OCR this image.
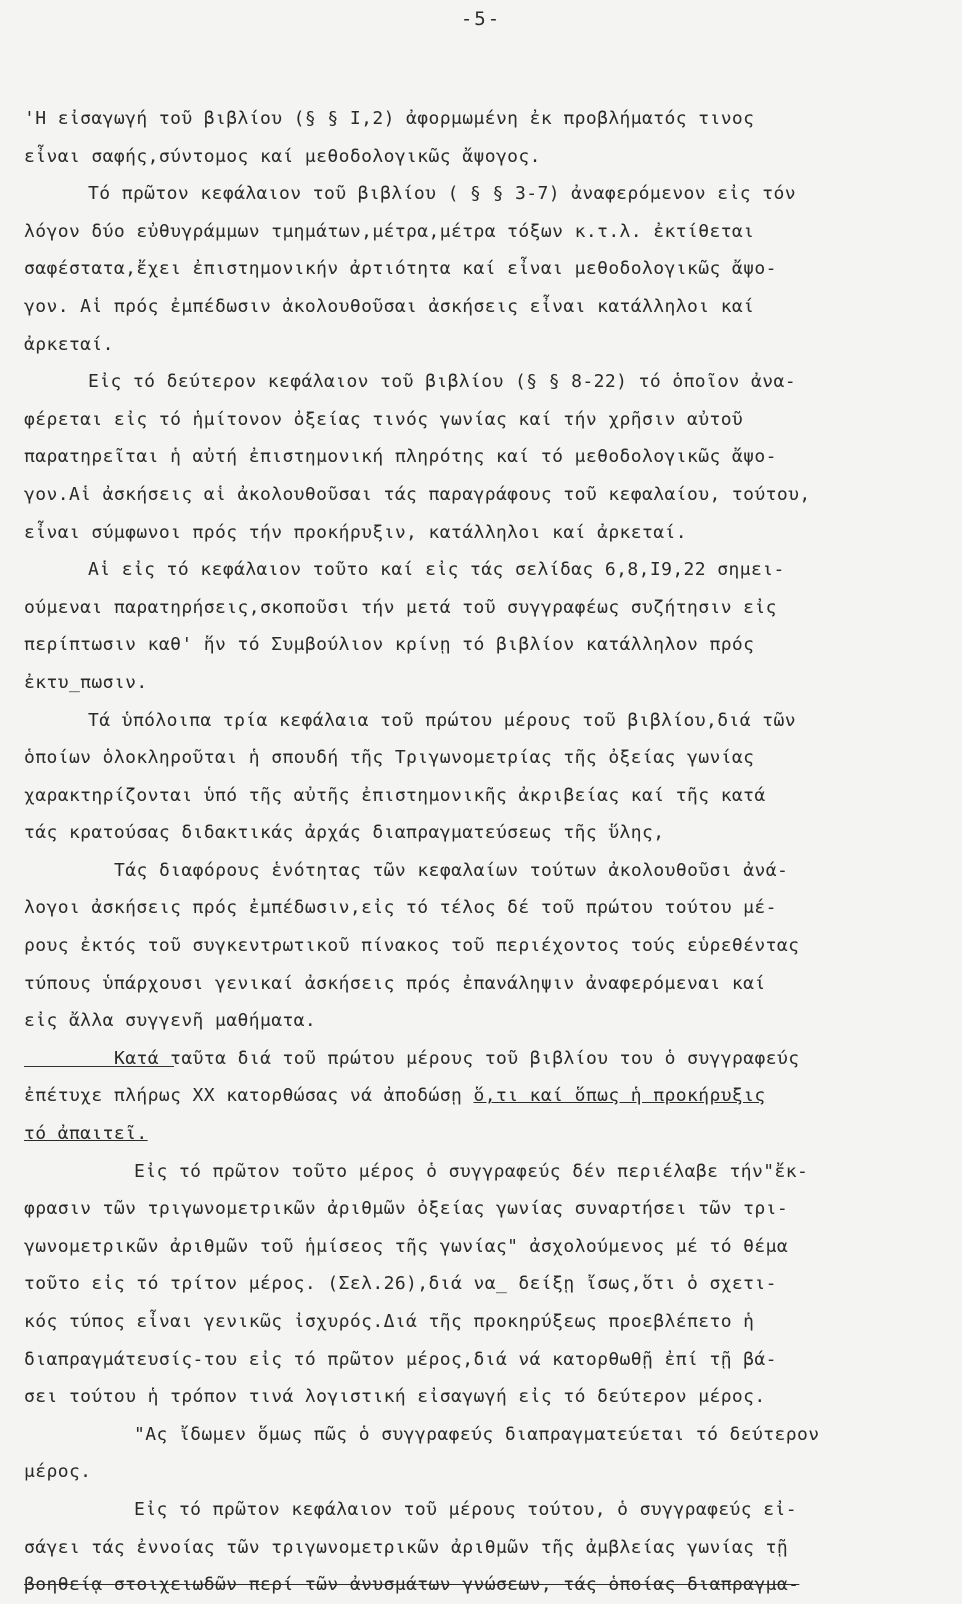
-5-
'Η εἰσαγωγή τοῦ βιβλίου (§ § I,2) ἀφορμωμένη ἐκ προβλήματός τινος
εἶναι σαφής,σύντομος καί μεθοδολογικῶς ἄψογος.
Τό πρῶτον κεφάλαιον τοῦ βιβλίου ( § § 3-7) ἀναφερόμενον εἰς τόν
λόγον δύο εὐθυγράμμων τμημάτων,μέτρα,μέτρα τόξων κ.τ.λ. ἐκτίθεται
σαφέστατα,ἔχει ἐπιστημονικήν ἀρτιότητα καί εἶναι μεθοδολογικῶς ἄψο-
γον. Αἱ πρός ἐμπέδωσιν ἀκολουθοῦσαι ἀσκήσεις εἶναι κατάλληλοι καί
ἀρκεταί.
Εἰς τό δεύτερον κεφάλαιον τοῦ βιβλίου (§ § 8-22) τό ὁποῖον ἀνα-
φέρεται εἰς τό ἡμίτονον ὀξείας τινός γωνίας καί τήν χρῆσιν αὐτοῦ
παρατηρεῖται ἡ αὐτή ἐπιστημονική πληρότης καί τό μεθοδολογικῶς ἄψο-
γον.Αἱ ἀσκήσεις αἱ ἀκολουθοῦσαι τάς παραγράφους τοῦ κεφαλαίου, τούτου,
εἶναι σύμφωνοι πρός τήν προκήρυξιν, κατάλληλοι καί ἀρκεταί.
Αἱ εἰς τό κεφάλαιον τοῦτο καί εἰς τάς σελίδας 6,8,I9,22 σημει-
ούμεναι παρατηρήσεις,σκοποῦσι τήν μετά τοῦ συγγραφέως συζήτησιν εἰς
περίπτωσιν καθ' ἥν τό Συμβούλιον κρίνῃ τό βιβλίον κατάλληλον πρός
ἐκτυ_πωσιν.
Τά ὑπόλοιπα τρία κεφάλαια τοῦ πρώτου μέρους τοῦ βιβλίου,διά τῶν
ὁποίων ὁλοκληροῦται ἡ σπουδή τῆς Τριγωνομετρίας τῆς ὀξείας γωνίας
χαρακτηρίζονται ὑπό τῆς αὐτῆς ἐπιστημονικῆς ἀκριβείας καί τῆς κατά
τάς κρατούσας διδακτικάς ἀρχάς διαπραγματεύσεως τῆς ὕλης,
Τάς διαφόρους ἑνότητας τῶν κεφαλαίων τούτων ἀκολουθοῦσι ἀνά-
λογοι ἀσκήσεις πρός ἐμπέδωσιν,εἰς τό τέλος δέ τοῦ πρώτου τούτου μέ-
ρους ἐκτός τοῦ συγκεντρωτικοῦ πίνακος τοῦ περιέχοντος τούς εὑρεθέντας
τύπους ὑπάρχουσι γενικαί ἀσκήσεις πρός ἐπανάληψιν ἀναφερόμεναι καί
εἰς ἄλλα συγγενῆ μαθήματα.
Κατά ταῦτα διά τοῦ πρώτου μέρους τοῦ βιβλίου του ὁ συγγραφεύς
ἐπέτυχε πλήρως XX κατορθώσας νά ἀποδώσῃ ὅ,τι καί ὅπως ἡ προκήρυξις
τό ἀπαιτεῖ.
Εἰς τό πρῶτον τοῦτο μέρος ὁ συγγραφεύς δέν περιέλαβε τήν"ἔκ-
φρασιν τῶν τριγωνομετρικῶν ἀριθμῶν ὀξείας γωνίας συναρτήσει τῶν τρι-
γωνομετρικῶν ἀριθμῶν τοῦ ἡμίσεος τῆς γωνίας" ἀσχολούμενος μέ τό θέμα
τοῦτο εἰς τό τρίτον μέρος. (Σελ.26),διά να_ δείξῃ ἴσως,ὅτι ὁ σχετι-
κός τύπος εἶναι γενικῶς ἰσχυρός.Διά τῆς προκηρύξεως προεβλέπετο ἡ
διαπραγμάτευσίς-του εἰς τό πρῶτον μέρος,διά νά κατορθωθῇ ἐπί τῇ βά-
σει τούτου ἡ τρόπον τινά λογιστική εἰσαγωγή εἰς τό δεύτερον μέρος.
"Ας ἴδωμεν ὅμως πῶς ὁ συγγραφεύς διαπραγματεύεται τό δεύτερον
μέρος.
Εἰς τό πρῶτον κεφάλαιον τοῦ μέρους τούτου, ὁ συγγραφεύς εἰ-
σάγει τάς ἐννοίας τῶν τριγωνομετρικῶν ἀριθμῶν τῆς ἀμβλείας γωνίας τῇ
βοηθείᾳ στοιχειωδῶν περί τῶν ἀνυσμάτων γνώσεων, τάς ὁποίας διαπραγμα-
